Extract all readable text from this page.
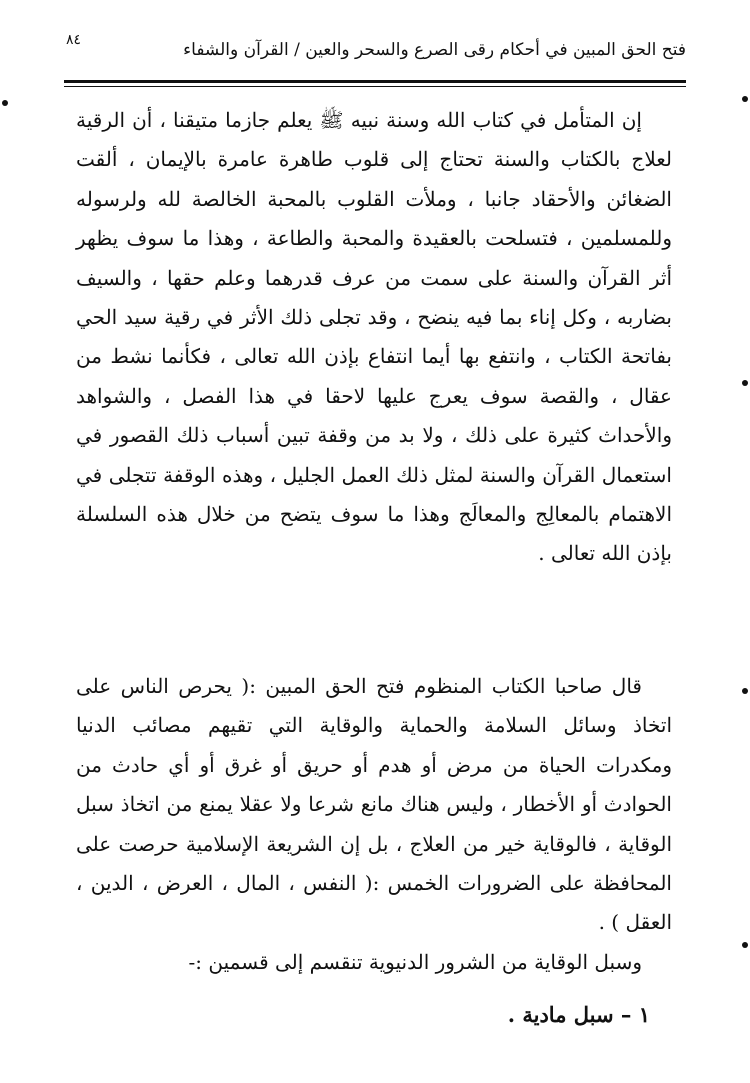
فتح الحق المبين في أحكام رقى الصرع والسحر والعين / القرآن والشفاء
٨٤
إن المتأمل في كتاب الله وسنة نبيه ﷺ يعلم جازما متيقنا ، أن الرقية لعلاج بالكتاب والسنة تحتاج إلى قلوب طاهرة عامرة بالإيمان ، ألقت الضغائن والأحقاد جانبا ، وملأت القلوب بالمحبة الخالصة لله ولرسوله وللمسلمين ، فتسلحت بالعقيدة والمحبة والطاعة ، وهذا ما سوف يظهر أثر القرآن والسنة على سمت من عرف قدرهما وعلم حقها ، والسيف بضاربه ، وكل إناء بما فيه ينضح ، وقد تجلى ذلك الأثر في رقية سيد الحي بفاتحة الكتاب ، وانتفع بها أيما انتفاع بإذن الله تعالى ، فكأنما نشط من عقال ، والقصة سوف يعرج عليها لاحقا في هذا الفصل ، والشواهد والأحداث كثيرة على ذلك ، ولا بد من وقفة تبين أسباب ذلك القصور في استعمال القرآن والسنة لمثل ذلك العمل الجليل ، وهذه الوقفة تتجلى في الاهتمام بالمعالِج والمعالَج وهذا ما سوف يتضح من خلال هذه السلسلة بإذن الله تعالى .
قال صاحبا الكتاب المنظوم فتح الحق المبين :( يحرص الناس على اتخاذ وسائل السلامة والحماية والوقاية التي تقيهم مصائب الدنيا ومكدرات الحياة من مرض أو هدم أو حريق أو غرق أو أي حادث من الحوادث أو الأخطار ، وليس هناك مانع شرعا ولا عقلا يمنع من اتخاذ سبل الوقاية ، فالوقاية خير من العلاج ، بل إن الشريعة الإسلامية حرصت على المحافظة على الضرورات الخمس :( النفس ، المال ، العرض ، الدين ، العقل ) .
وسبل الوقاية من الشرور الدنيوية تنقسم إلى قسمين :-
١ – سبل مادية .
